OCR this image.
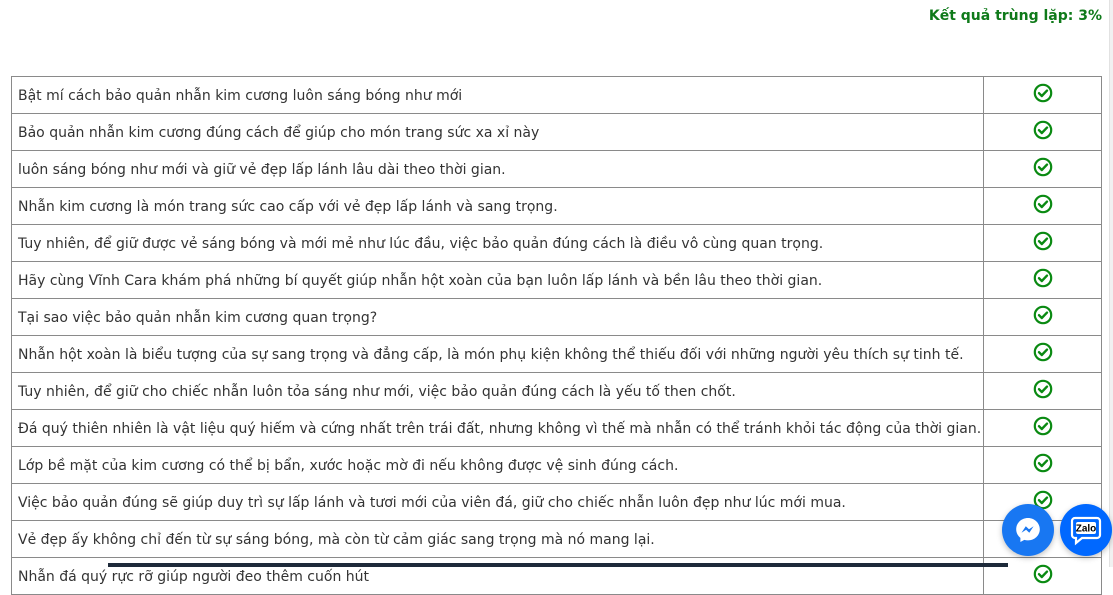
Kết quả trùng lặp: 3%
Bật mí cách bảo quản nhẫn kim cương luôn sáng bóng như mới	

Bảo quản nhẫn kim cương đúng cách để giúp cho món trang sức xa xỉ này	

luôn sáng bóng như mới và giữ vẻ đẹp lấp lánh lâu dài theo thời gian.	

Nhẫn kim cương là món trang sức cao cấp với vẻ đẹp lấp lánh và sang trọng.	

Tuy nhiên, để giữ được vẻ sáng bóng và mới mẻ như lúc đầu, việc bảo quản đúng cách là điều vô cùng quan trọng.	

Hãy cùng Vĩnh Cara khám phá những bí quyết giúp nhẫn hột xoàn của bạn luôn lấp lánh và bền lâu theo thời gian.	

Tại sao việc bảo quản nhẫn kim cương quan trọng?	

Nhẫn hột xoàn là biểu tượng của sự sang trọng và đẳng cấp, là món phụ kiện không thể thiếu đối với những người yêu thích sự tinh tế.	

Tuy nhiên, để giữ cho chiếc nhẫn luôn tỏa sáng như mới, việc bảo quản đúng cách là yếu tố then chốt.	

Đá quý thiên nhiên là vật liệu quý hiếm và cứng nhất trên trái đất, nhưng không vì thế mà nhẫn có thể tránh khỏi tác động của thời gian.	

Lớp bề mặt của kim cương có thể bị bẩn, xước hoặc mờ đi nếu không được vệ sinh đúng cách.	

Việc bảo quản đúng sẽ giúp duy trì sự lấp lánh và tươi mới của viên đá, giữ cho chiếc nhẫn luôn đẹp như lúc mới mua.	

Vẻ đẹp ấy không chỉ đến từ sự sáng bóng, mà còn từ cảm giác sang trọng mà nó mang lại.	

Nhẫn đá quý rực rỡ giúp người đeo thêm cuốn hút	
Zalo
